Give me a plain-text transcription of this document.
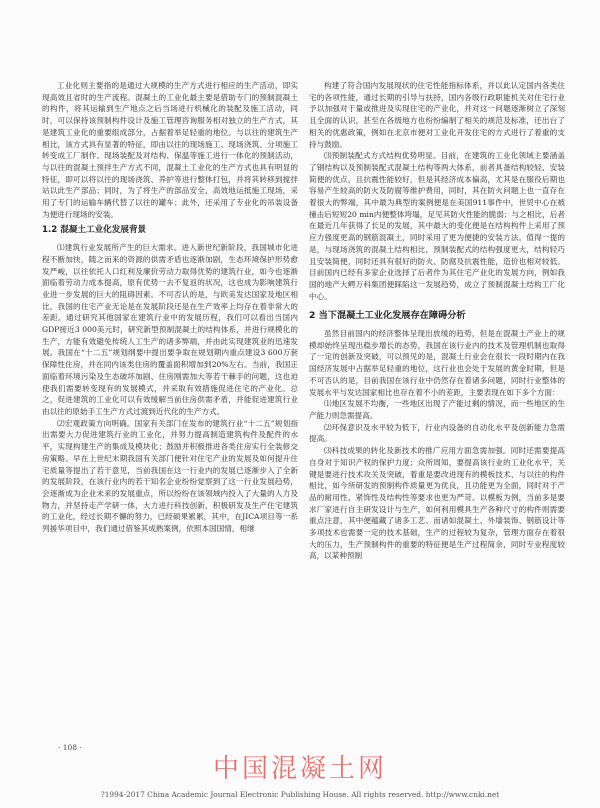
工业化则主要指的是通过大规模的生产方式进行相应的生产活动，即实现高效且省时的生产流程。混凝土的工业化最主要是借助专门的预制混凝土的构件，将其运输到生产地点之后当场进行机械化的装配及施工活动，同时，可以保持该预制构件设计及施工管理咨询服务相对独立的生产方式，其是建筑工业化的重要组成部分，占据着举足轻重的地位。与以往的建筑生产相比，该方式具有显著的特征，即由以往的现场施工、现场浇筑、分项施工转变成工厂制作、现场装配及对结构、保温等施工进行一体化的预制活动，与以往的混凝土预拌生产方式不同，混凝土工业化的生产方式也具有明显的特征，即可以将以往的现场浇筑、养护等进行整体打包，并将其转移到搅拌站以此生产部品；同时，为了将生产的部品安全、高效地运抵施工现场，采用了专门的运输车辆代替了以往的罐车；此外，还采用了专业化的吊装设备为便进行现场的安装。

1.2 混凝土工业化发展背景

⑴建筑行业发展所产生的巨大需求。进入新世纪新阶段，我国城市化进程不断加快，随之而来的资源的供需矛盾也逐渐加剧，生态环境保护形势愈发严峻，以往依托人口红利及廉价劳动力取得优势的建筑行业，如今也逐渐面临着劳动力成本提高，原有优势一去不复返的状况，这也成为影响建筑行业进一步发展的巨大的阻碍因素。不可否认的是，与欧美发达国家及地区相比，我国的住宅产业无论是在发展阶段还是在生产效率上均存在着非常大的差距。通过研究其他国家在建筑行业中的发展历程，我们可以看出当国内GDP接近3 000美元时，研究新型预制混凝土的结构体系，并进行规模化的生产，方能有效避免传统人工生产的诸多弊端，并由此实现建筑业的迅速发展。我国在“十二五”规划纲要中提出要争取在规划期内重点建设3 600万套保障性住房，并在同内该类住房的覆盖面积增加到20%左右。当前，我国正面临着环境污染及生态破坏加剧、住房刚需加大等若干棘手的问题，这也迫使我们需要转变现有的发展模式，并采取有效措施促进住宅的产业化。总之，促进建筑的工业化可以有效缓解当前住房供需矛盾，并能促进建筑行业由以往的原始手工生产方式过渡到近代化的生产方式。

⑵宏观政策方向明确。国家有关部门在发布的建筑行业“十二五”规划指出需要大力促进建筑行业的工业化，并努力提高制造建筑构件及配件的水平，实现构建生产的集成及模块化；鼓励并积极推进各类住房实行全装修交房策略。早在上世纪末期我国有关部门便针对住宅产业的发展及如何提升住宅质量等提出了若干意见，当前我国在这一行业内的发展已逐渐步入了全新的发展阶段，在该行业内的若干知名企业纷纷觉察到了这一行业发展趋势，会逐渐成为企业未来的发展重点，所以纷纷在该领域内投入了大量的人力及物力，并坚持走产学研一体，大力进行科技创新，积极研发及生产住宅建筑的工业化，经过长期不懈的努力，已经硕果累累，其中，在JICA项目等一系列援华项目中，我们通过借鉴其成熟案例，依照本国国情，相继

构建了符合国内发展现状的住宅性能指标体系，并以此认定国内各类住宅的各项性能，通过长期的引导与扶持，国内各级行政职能机关对住宅行业予以加强对于量或推进及实现住宅的产业化，并对这一问题逐渐树立了深刻且全面的认识，甚至在各级地方也纷纷编制了相关的规范及标准，还出台了相关的优惠政策，例如在北京市便对工业化开发住宅的方式进行了着重的支持与鼓励。

⑶预制装配式方式结构优势明显。目前，在建筑的工业化领域主要涵盖了钢结构以及预制装配式混凝土结构等两大体系，前者具备结构较轻、安装简便的优点，且抗震性能较好，但是其经济成本偏高，尤其是在服役后期也容易产生较高的防火及防腐等维护费用，同时，其在防火问题上也一直存在着很大的弊端，其中最为典型的案例便是在美国911事件中，世贸中心在被撞击后短短20 min内便整体垮塌，足见其防火性能的脆弱；与之相比，后者在最近几年获得了长足的发展，其中最大的变化便是在结构构件上采用了预应力强度更高的钢筋混凝土，同时采用了更为便捷的安装方法。值得一提的是，与现场浇筑的混凝土结构相比，预制装配式的结构强度更大，结构轻巧且安装简便，同时还具有很好的防火、防腐及抗震性能，造价也相对较低。目前国内已经有多家企业选择了后者作为其住宅产业化的发展方向，例如我国的地产大鳄万科集团便踩陷这一发展趋势，成立了预制混凝土结构工厂化中心。

2 当下混凝土工业化发展存在障碍分析

虽然目前国内的经济整体呈现出放缓的趋势，但是在混凝土产业上的规模却始终呈现出稳步增长的态势，我国在该行业内的技术及管理机制也取得了一定的创新及突破，可以预见的是，混凝土行业会在很长一段时期内在我国经济发展中占据举足轻重的地位，这行业也会处于发展的黄金时期，但是不可否认的是，目前我国在该行业中仍然存在着诸多问题，同时行业整体的发展水平与发达国家相比也存在着不小的差距，主要表现在如下多个方面：

⑴地区发展不均衡，一些地区出现了产能过剩的情况，而一些地区的生产能力则急需提高。

⑵环保意识及水平较为低下，行业内设备的自动化水平及创新能力急需提高。

⑶科技成果的转化及新技术的推广应用方面急需加强。同时还需要提高自身对于知识产权的保护力度；众所周知，要提高该行业的工业化水平，关键是要进行技术攻关及突破，着重是要改进现有的模板技术、与以往的构件相比，如今所研发的预制构件质量更为优良，且功能更为全面，同时对于产品的耐用性、紧饰性及结构性等要求也更为严苛。以模板为例，当前多是要求厂家进行自主研发设计与生产，如何利用模具生产各种尺寸的构件则需要重点注意，其中便蕴藏了诸多工艺、而诸如混凝土、外墙装饰、钢筋设计等多项技术也需要一定的技术基础，生产的过程较为复杂，管理方面存在着很大的压力，生产预制构件的重要的特征便是生产过程简余，同时专业程度较高，以某种预制

· 108 ·
中国混凝土网
?1994-2017 China Academic Journal Electronic Publishing House. All rights reserved. http://www.cnki.net
